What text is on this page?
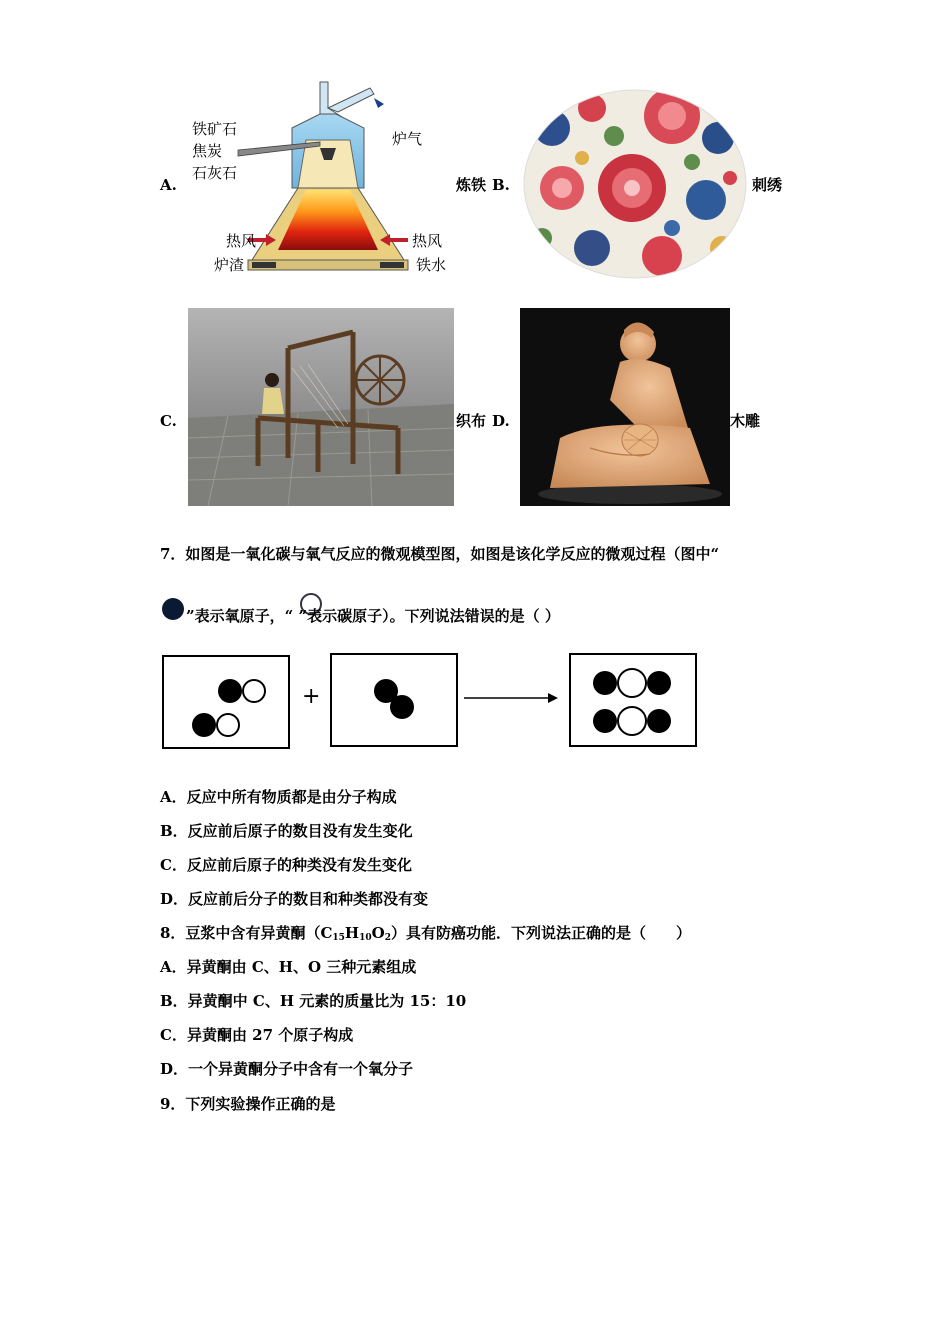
A.
铁矿石
焦炭
石灰石
炉气
热风	热风
炉渣	铁水
炼铁 B.	刺绣
C.	织布 D.	木雕
7．如图是一氧化碳与氧气反应的微观模型图，如图是该化学反应的微观过程（图中“
”表示氧原子，“ ”表示碳原子）。下列说法错误的是（ ）
+
A．反应中所有物质都是由分子构成
B．反应前后原子的数目没有发生变化
C．反应前后原子的种类没有发生变化
D．反应前后分子的数目和种类都没有变
8．豆浆中含有异黄酮$(C_{15}H_{10}O_2)$具有防癌功能．下列说法正确的是（　　）
A．异黄酮由 C、H、O 三种元素组成
B．异黄酮中 C、H 元素的质量比为 15：10
C．异黄酮由 27 个原子构成
D．一个异黄酮分子中含有一个氧分子
9．下列实验操作正确的是
